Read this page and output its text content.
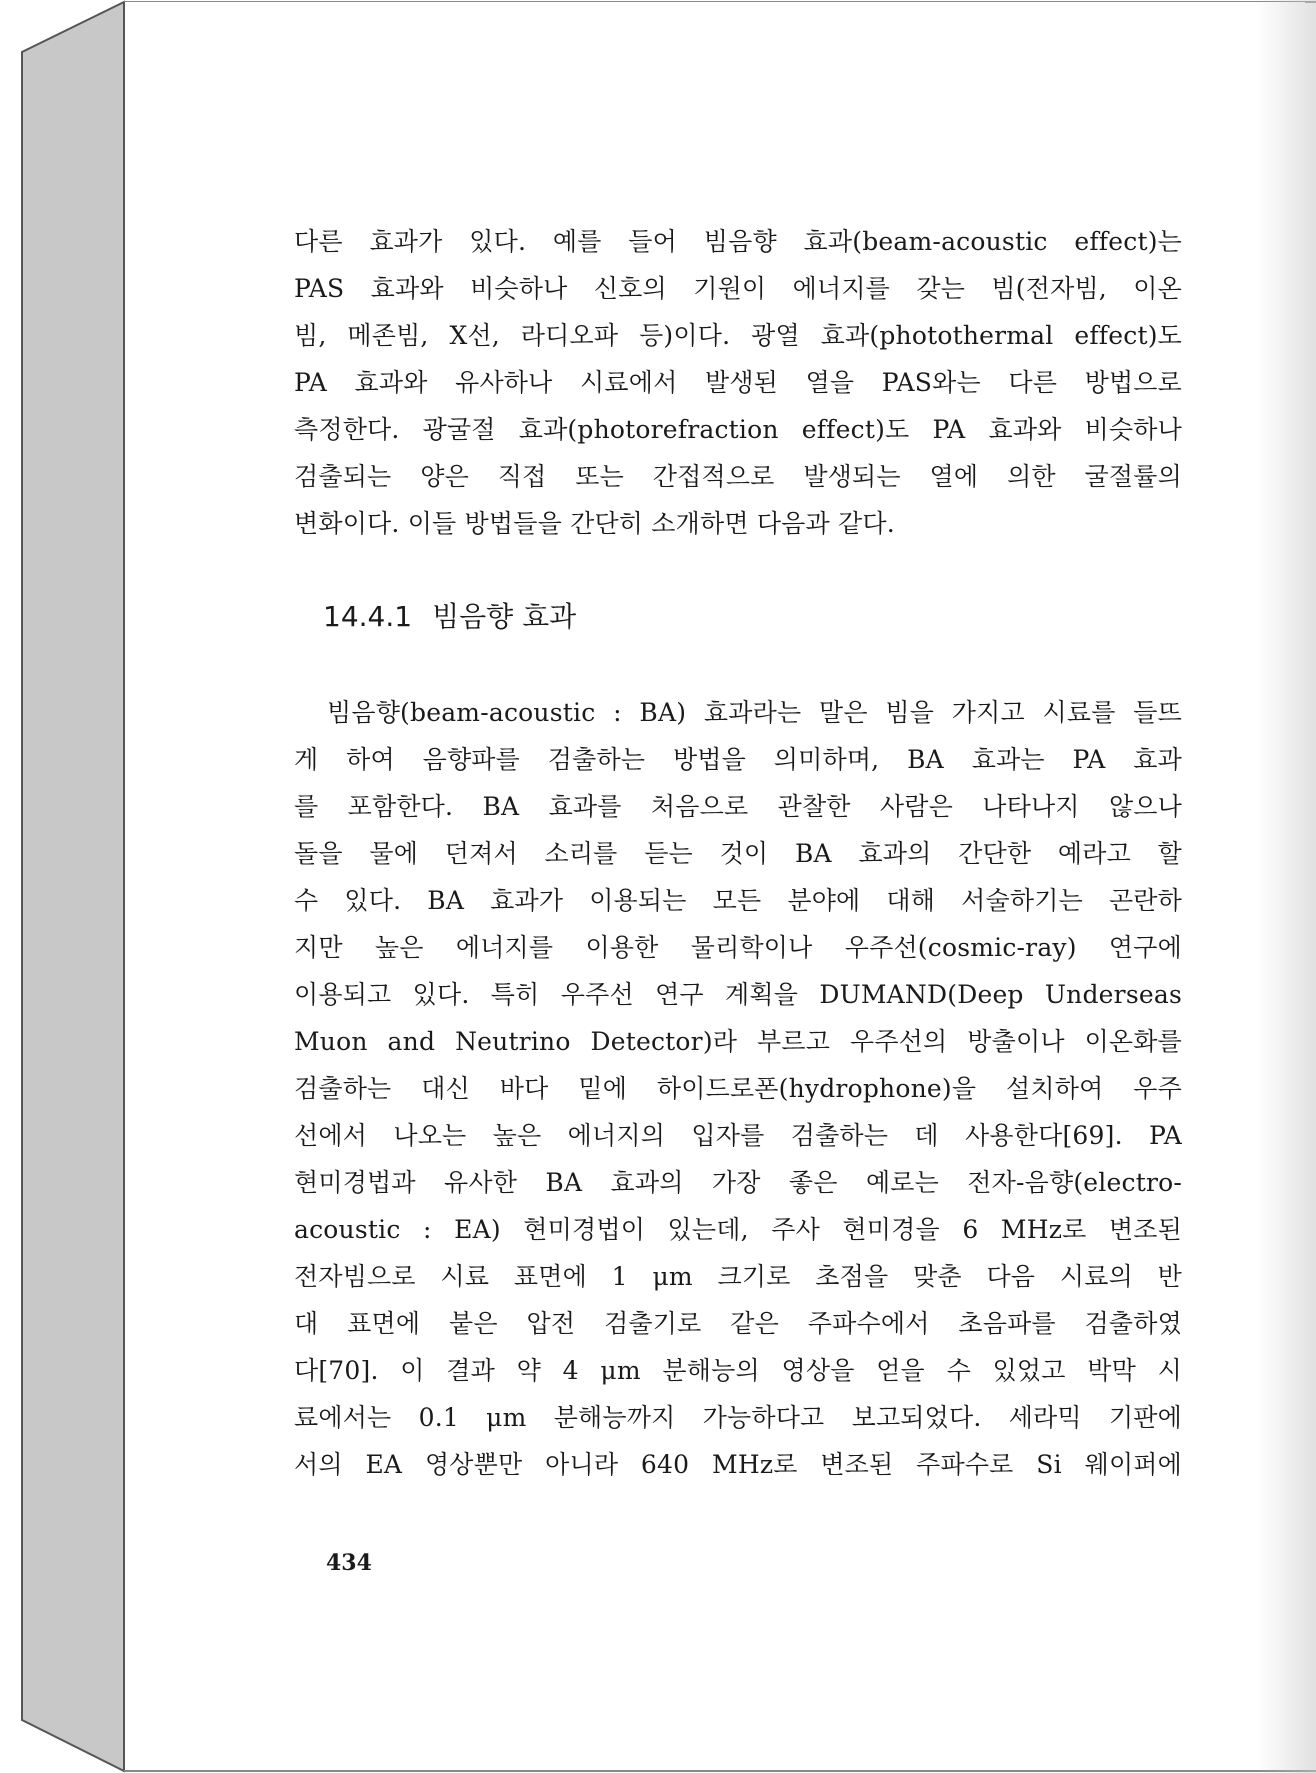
다른 효과가 있다. 예를 들어 빔음향 효과(beam-acoustic effect)는
PAS 효과와 비슷하나 신호의 기원이 에너지를 갖는 빔(전자빔, 이온
빔, 메존빔, X선, 라디오파 등)이다. 광열 효과(photothermal effect)도
PA 효과와 유사하나 시료에서 발생된 열을 PAS와는 다른 방법으로
측정한다. 광굴절 효과(photorefraction effect)도 PA 효과와 비슷하나
검출되는 양은 직접 또는 간접적으로 발생되는 열에 의한 굴절률의
변화이다. 이들 방법들을 간단히 소개하면 다음과 같다.
14.4.1 빔음향 효과
빔음향(beam-acoustic : BA) 효과라는 말은 빔을 가지고 시료를 들뜨
게 하여 음향파를 검출하는 방법을 의미하며, BA 효과는 PA 효과
를 포함한다. BA 효과를 처음으로 관찰한 사람은 나타나지 않으나
돌을 물에 던져서 소리를 듣는 것이 BA 효과의 간단한 예라고 할
수 있다. BA 효과가 이용되는 모든 분야에 대해 서술하기는 곤란하
지만 높은 에너지를 이용한 물리학이나 우주선(cosmic-ray) 연구에
이용되고 있다. 특히 우주선 연구 계획을 DUMAND(Deep Underseas
Muon and Neutrino Detector)라 부르고 우주선의 방출이나 이온화를
검출하는 대신 바다 밑에 하이드로폰(hydrophone)을 설치하여 우주
선에서 나오는 높은 에너지의 입자를 검출하는 데 사용한다[69]. PA
현미경법과 유사한 BA 효과의 가장 좋은 예로는 전자-음향(electro-
acoustic : EA) 현미경법이 있는데, 주사 현미경을 6 MHz로 변조된
전자빔으로 시료 표면에 1 μm 크기로 초점을 맞춘 다음 시료의 반
대 표면에 붙은 압전 검출기로 같은 주파수에서 초음파를 검출하였
다[70]. 이 결과 약 4 μm 분해능의 영상을 얻을 수 있었고 박막 시
료에서는 0.1 μm 분해능까지 가능하다고 보고되었다. 세라믹 기판에
서의 EA 영상뿐만 아니라 640 MHz로 변조된 주파수로 Si 웨이퍼에
434
